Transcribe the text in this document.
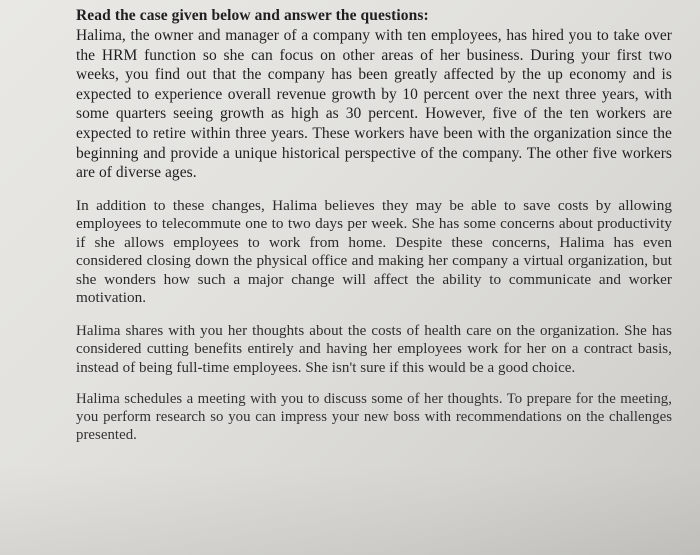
Read the case given below and answer the questions:

Halima, the owner and manager of a company with ten employees, has hired you to take over the HRM function so she can focus on other areas of her business. During your first two weeks, you find out that the company has been greatly affected by the up economy and is expected to experience overall revenue growth by 10 percent over the next three years, with some quarters seeing growth as high as 30 percent. However, five of the ten workers are expected to retire within three years. These workers have been with the organization since the beginning and provide a unique historical perspective of the company. The other five workers are of diverse ages.

In addition to these changes, Halima believes they may be able to save costs by allowing employees to telecommute one to two days per week. She has some concerns about productivity if she allows employees to work from home. Despite these concerns, Halima has even considered closing down the physical office and making her company a virtual organization, but she wonders how such a major change will affect the ability to communicate and worker motivation.

Halima shares with you her thoughts about the costs of health care on the organization. She has considered cutting benefits entirely and having her employees work for her on a contract basis, instead of being full-time employees. She isn't sure if this would be a good choice.

Halima schedules a meeting with you to discuss some of her thoughts. To prepare for the meeting, you perform research so you can impress your new boss with recommendations on the challenges presented.
